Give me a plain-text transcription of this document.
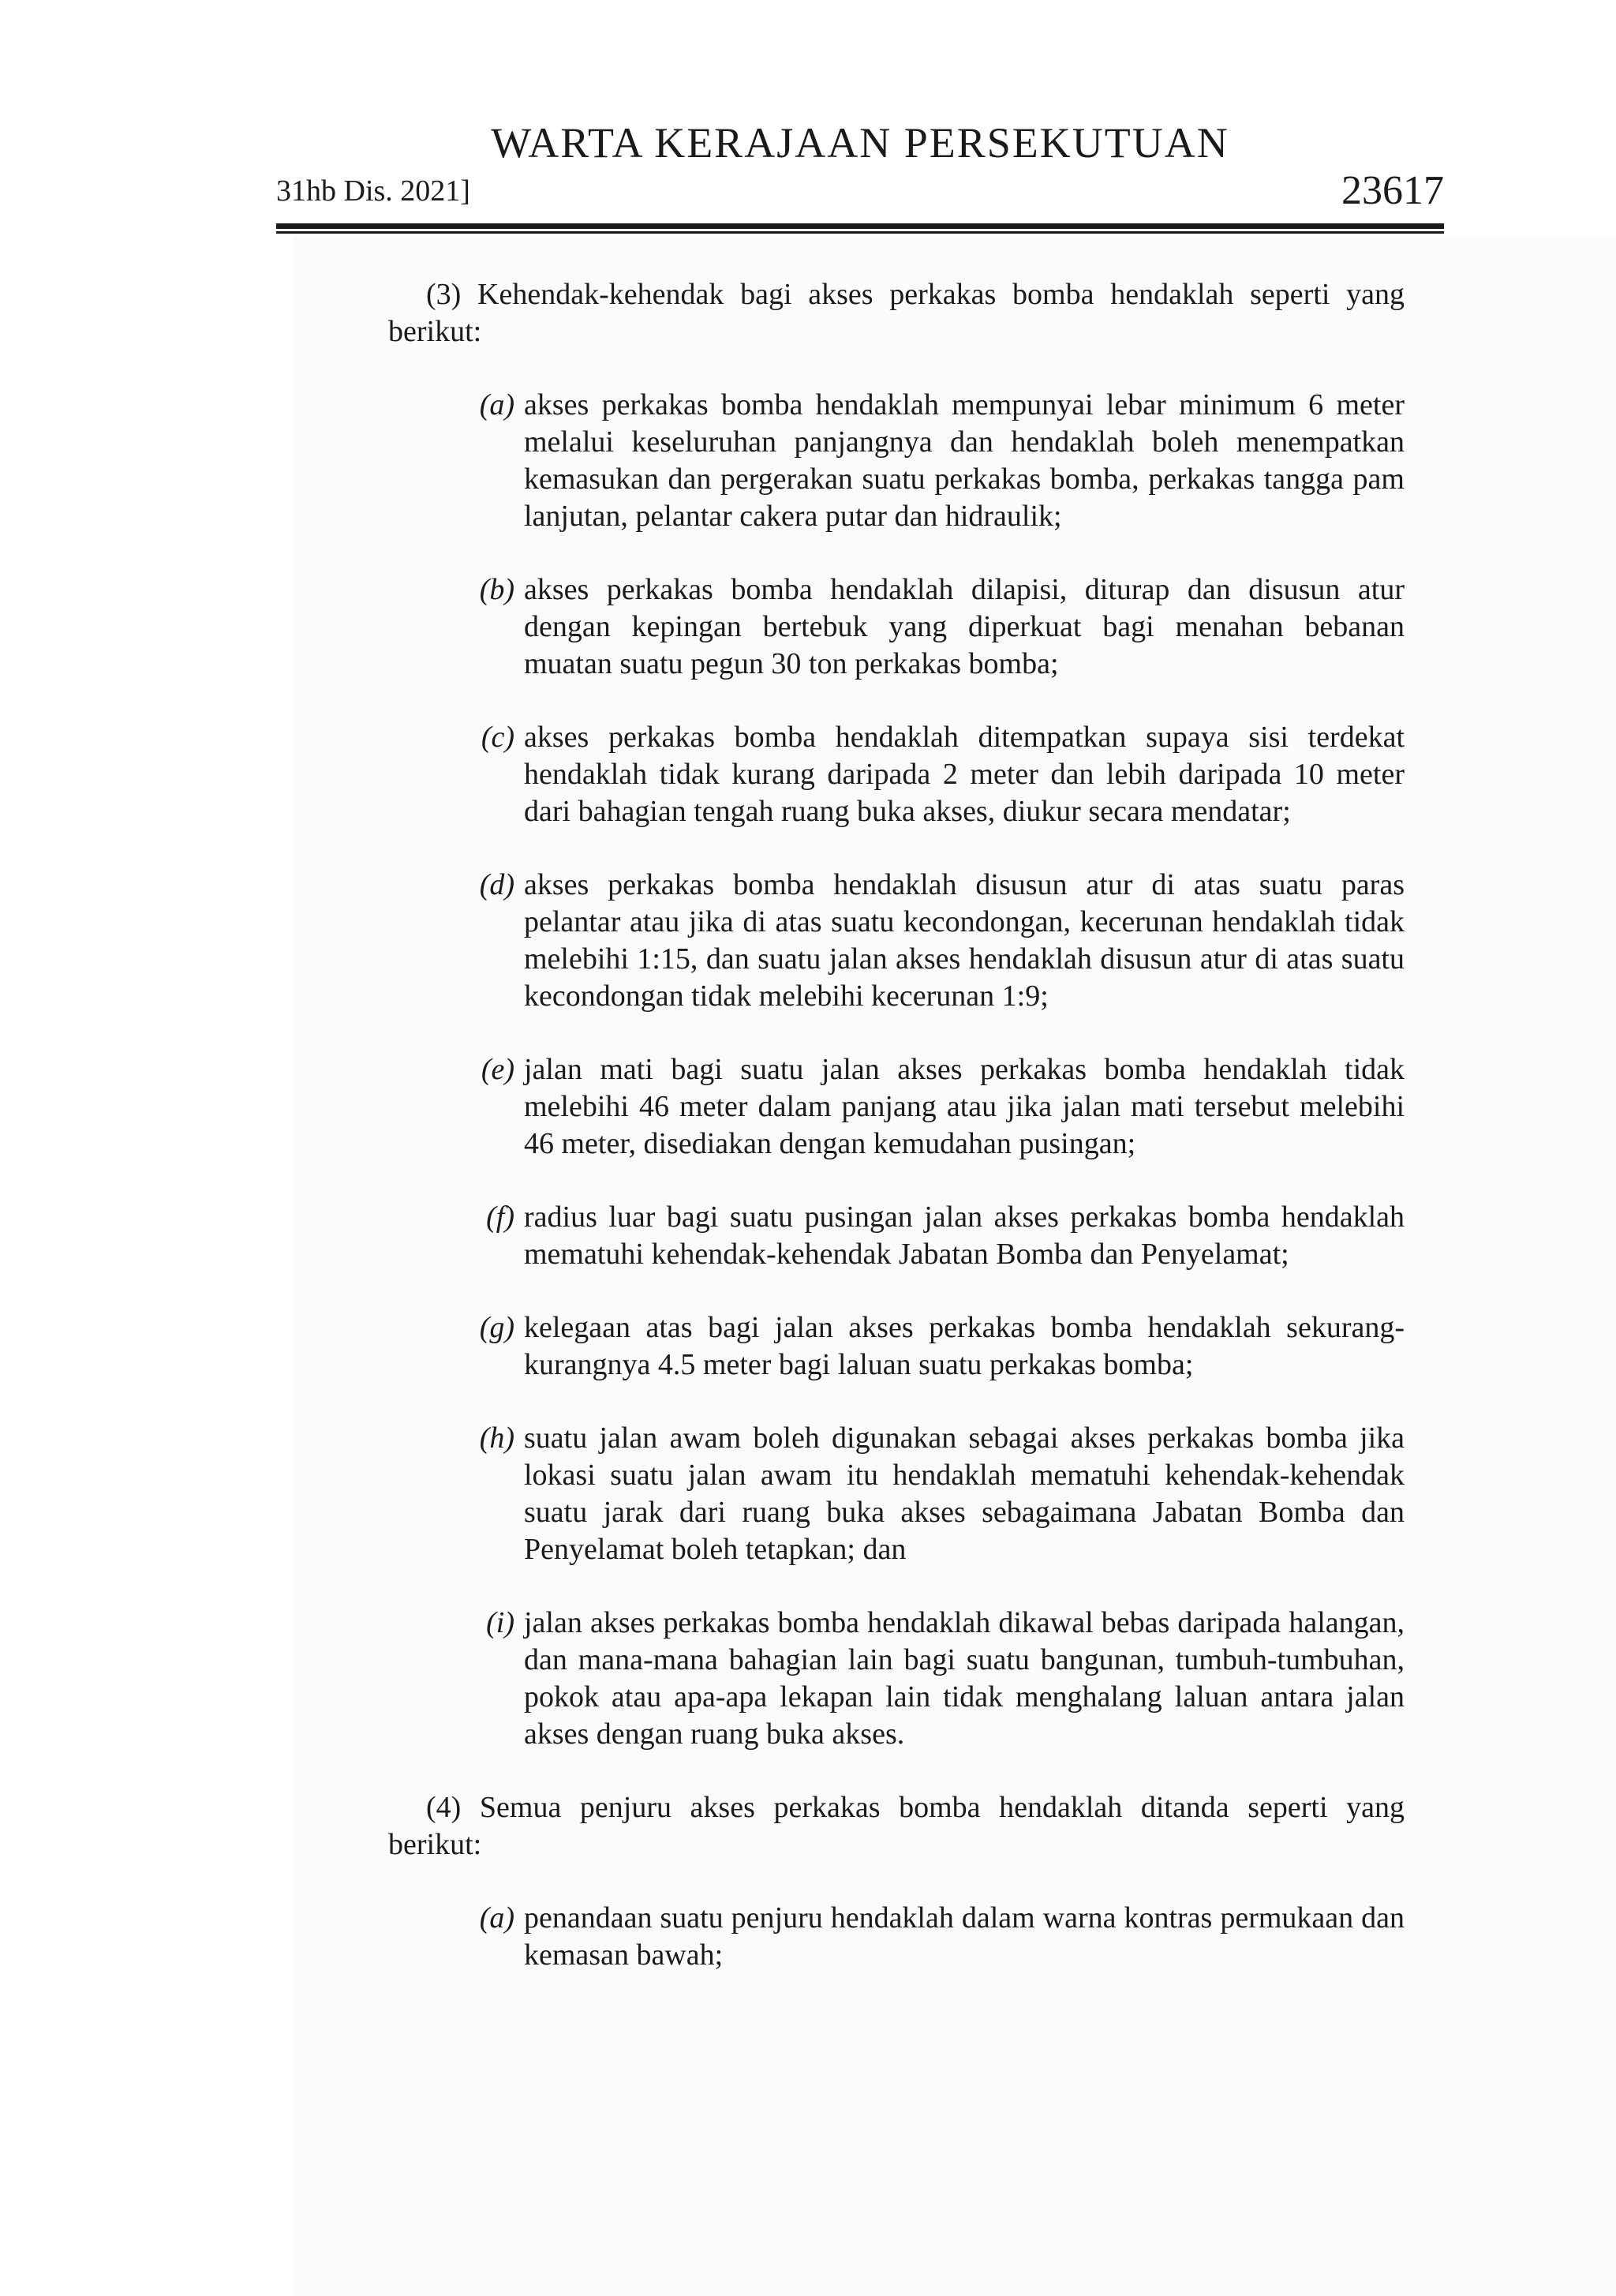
WARTA KERAJAAN PERSEKUTUAN
31hb Dis. 2021]	23617

(3) Kehendak-kehendak bagi akses perkakas bomba hendaklah seperti yang berikut:

(a) akses perkakas bomba hendaklah mempunyai lebar minimum 6 meter melalui keseluruhan panjangnya dan hendaklah boleh menempatkan kemasukan dan pergerakan suatu perkakas bomba, perkakas tangga pam lanjutan, pelantar cakera putar dan hidraulik;
(b) akses perkakas bomba hendaklah dilapisi, diturap dan disusun atur dengan kepingan bertebuk yang diperkuat bagi menahan bebanan muatan suatu pegun 30 ton perkakas bomba;
(c) akses perkakas bomba hendaklah ditempatkan supaya sisi terdekat hendaklah tidak kurang daripada 2 meter dan lebih daripada 10 meter dari bahagian tengah ruang buka akses, diukur secara mendatar;
(d) akses perkakas bomba hendaklah disusun atur di atas suatu paras pelantar atau jika di atas suatu kecondongan, kecerunan hendaklah tidak melebihi 1:15, dan suatu jalan akses hendaklah disusun atur di atas suatu kecondongan tidak melebihi kecerunan 1:9;
(e) jalan mati bagi suatu jalan akses perkakas bomba hendaklah tidak melebihi 46 meter dalam panjang atau jika jalan mati tersebut melebihi 46 meter, disediakan dengan kemudahan pusingan;
(f) radius luar bagi suatu pusingan jalan akses perkakas bomba hendaklah mematuhi kehendak-kehendak Jabatan Bomba dan Penyelamat;
(g) kelegaan atas bagi jalan akses perkakas bomba hendaklah sekurang-kurangnya 4.5 meter bagi laluan suatu perkakas bomba;
(h) suatu jalan awam boleh digunakan sebagai akses perkakas bomba jika lokasi suatu jalan awam itu hendaklah mematuhi kehendak-kehendak suatu jarak dari ruang buka akses sebagaimana Jabatan Bomba dan Penyelamat boleh tetapkan; dan
(i) jalan akses perkakas bomba hendaklah dikawal bebas daripada halangan, dan mana-mana bahagian lain bagi suatu bangunan, tumbuh-tumbuhan, pokok atau apa-apa lekapan lain tidak menghalang laluan antara jalan akses dengan ruang buka akses.

(4) Semua penjuru akses perkakas bomba hendaklah ditanda seperti yang berikut:

(a) penandaan suatu penjuru hendaklah dalam warna kontras permukaan dan kemasan bawah;
